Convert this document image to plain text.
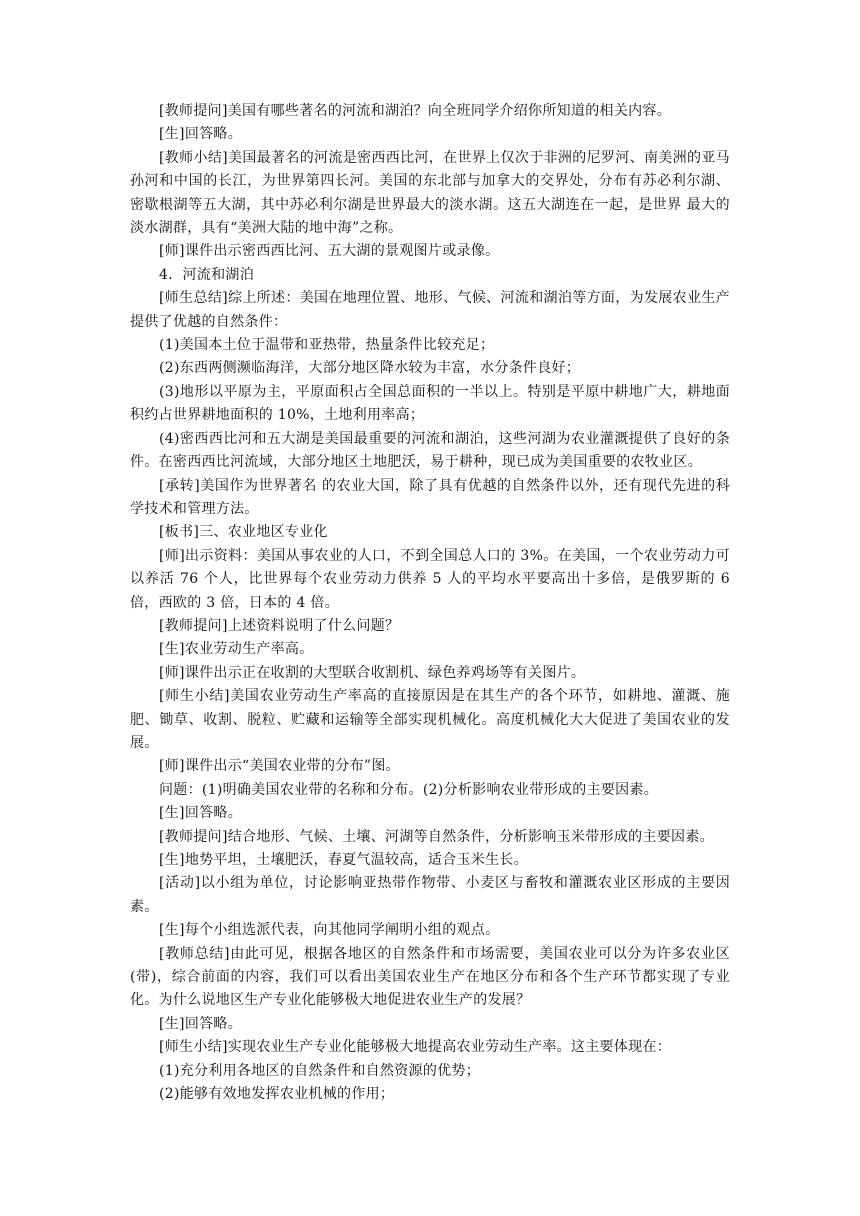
[教师提问]美国有哪些著名的河流和湖泊？向全班同学介绍你所知道的相关内容。

[生]回答略。

[教师小结]美国最著名的河流是密西西比河，在世界上仅次于非洲的尼罗河、南美洲的亚马孙河和中国的长江，为世界第四长河。美国的东北部与加拿大的交界处，分布有苏必利尔湖、密歇根湖等五大湖，其中苏必利尔湖是世界最大的淡水湖。这五大湖连在一起，是世界 最大的淡水湖群，具有“美洲大陆的地中海”之称。

[师]课件出示密西西比河、五大湖的景观图片或录像。

4．河流和湖泊

[师生总结]综上所述：美国在地理位置、地形、气候、河流和湖泊等方面，为发展农业生产提供了优越的自然条件：

(1)美国本土位于温带和亚热带，热量条件比较充足；

(2)东西两侧濒临海洋，大部分地区降水较为丰富，水分条件良好；

(3)地形以平原为主，平原面积占全国总面积的一半以上。特别是平原中耕地广大，耕地面积约占世界耕地面积的 10%，土地利用率高；

(4)密西西比河和五大湖是美国最重要的河流和湖泊，这些河湖为农业灌溉提供了良好的条件。在密西西比河流域，大部分地区土地肥沃，易于耕种，现已成为美国重要的农牧业区。

[承转]美国作为世界著名 的农业大国，除了具有优越的自然条件以外，还有现代先进的科学技术和管理方法。

[板书]三、农业地区专业化

[师]出示资料：美国从事农业的人口，不到全国总人口的 3%。在美国，一个农业劳动力可以养活 76 个人，比世界每个农业劳动力供养 5 人的平均水平要高出十多倍，是俄罗斯的 6 倍，西欧的 3 倍，日本的 4 倍。

[教师提问]上述资料说明了什么问题？

[生]农业劳动生产率高。

[师]课件出示正在收割的大型联合收割机、绿色养鸡场等有关图片。

[师生小结]美国农业劳动生产率高的直接原因是在其生产的各个环节，如耕地、灌溉、施肥、锄草、收割、脱粒、贮藏和运输等全部实现机械化。高度机械化大大促进了美国农业的发展。

[师]课件出示“美国农业带的分布”图。

问题：(1)明确美国农业带的名称和分布。(2)分析影响农业带形成的主要因素。

[生]回答略。

[教师提问]结合地形、气候、土壤、河湖等自然条件，分析影响玉米带形成的主要因素。

[生]地势平坦，土壤肥沃，春夏气温较高，适合玉米生长。

[活动]以小组为单位，讨论影响亚热带作物带、小麦区与畜牧和灌溉农业区形成的主要因素。

[生]每个小组选派代表，向其他同学阐明小组的观点。

[教师总结]由此可见，根据各地区的自然条件和市场需要，美国农业可以分为许多农业区(带)，综合前面的内容，我们可以看出美国农业生产在地区分布和各个生产环节都实现了专业化。为什么说地区生产专业化能够极大地促进农业生产的发展？

[生]回答略。

[师生小结]实现农业生产专业化能够极大地提高农业劳动生产率。这主要体现在：

(1)充分利用各地区的自然条件和自然资源的优势；

(2)能够有效地发挥农业机械的作用；
